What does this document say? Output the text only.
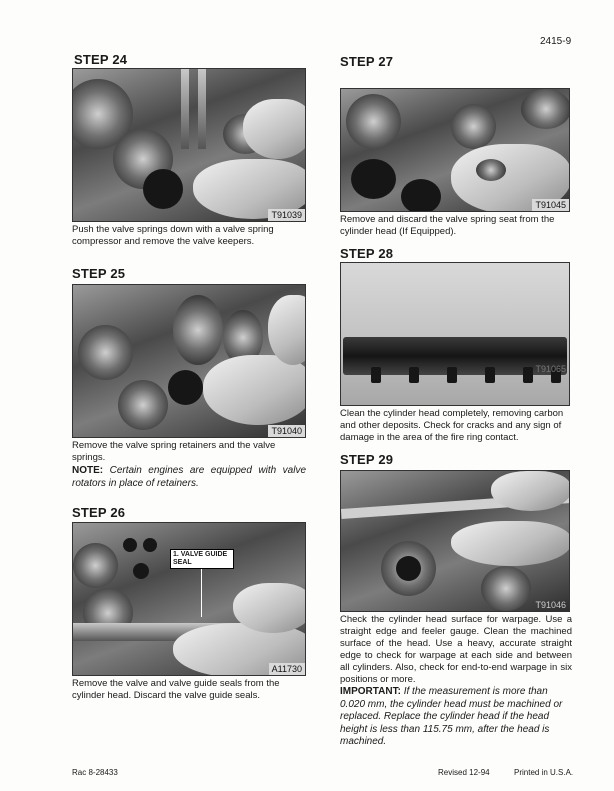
2415-9
STEP 24
T91039
Push the valve springs down with a valve spring compressor and remove the valve keepers.
STEP 25
T91040
Remove the valve spring retainers and the valve springs.
NOTE: Certain engines are equipped with valve rotators in place of retainers.
STEP 26
1. VALVE GUIDE SEAL
A11730
Remove the valve and valve guide seals from the cylinder head. Discard the valve guide seals.
STEP 27
T91045
Remove and discard the valve spring seat from the cylinder head (If Equipped).
STEP 28
T91065
Clean the cylinder head completely, removing carbon and other deposits. Check for cracks and any sign of damage in the area of the fire ring contact.
STEP 29
T91046
Check the cylinder head surface for warpage. Use a straight edge and feeler gauge. Clean the machined surface of the head. Use a heavy, accurate straight edge to check for warpage at each side and between all cylinders. Also, check for end-to-end warpage in six positions or more.
IMPORTANT: If the measurement is more than 0.020 mm, the cylinder head must be machined or replaced. Replace the cylinder head if the head height is less than 115.75 mm, after the head is machined.
Rac 8-28433	Revised 12-94	Printed in U.S.A.
